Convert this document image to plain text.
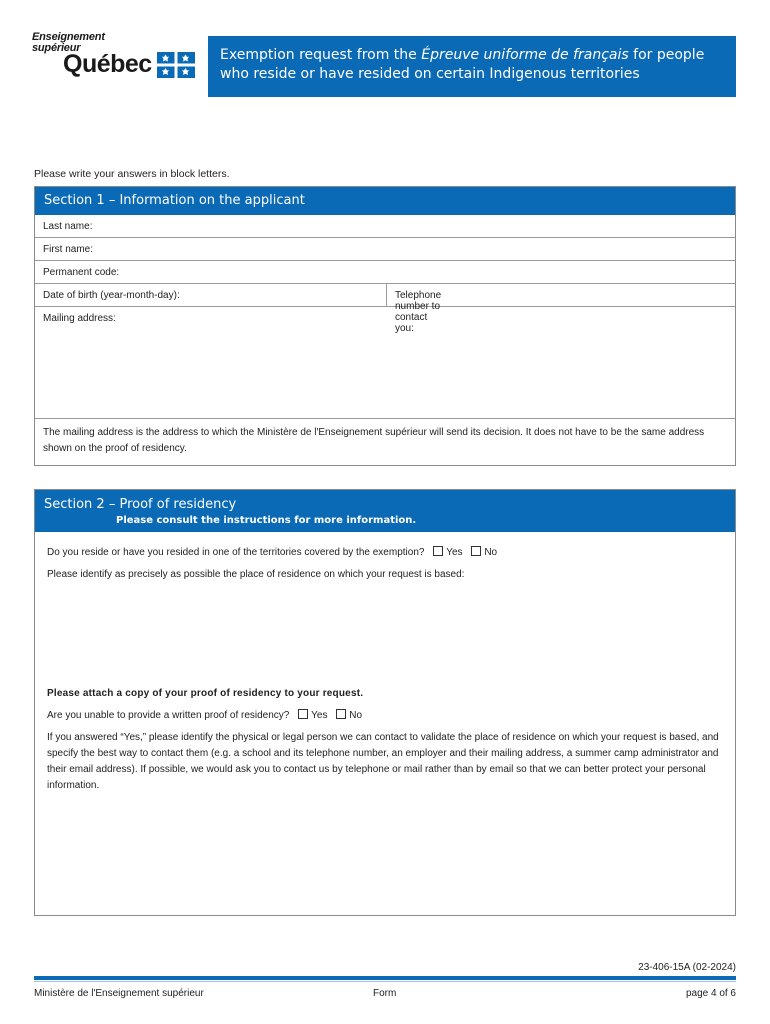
Enseignement
supérieur
Québec	Exemption request from the Épreuve uniforme de français for people who reside or have resided on certain Indigenous territories
Please write your answers in block letters.
Section 1 – Information on the applicant
Last name:
First name:
Permanent code:
Date of birth (year-month-day):	Telephone number to contact you:
Mailing address:
The mailing address is the address to which the Ministère de l'Enseignement supérieur will send its decision. It does not have to be the same address shown on the proof of residency.
Section 2 – Proof of residency
Please consult the instructions for more information.
Do you reside or have you resided in one of the territories covered by the exemption? Yes No
Please identify as precisely as possible the place of residence on which your request is based:
Please attach a copy of your proof of residency to your request.
Are you unable to provide a written proof of residency? Yes No
If you answered “Yes,” please identify the physical or legal person we can contact to validate the place of residence on which your request is based, and specify the best way to contact them (e.g. a school and its telephone number, an employer and their mailing address, a summer camp administrator and their email address). If possible, we would ask you to contact us by telephone or mail rather than by email so that we can better protect your personal information.
23-406-15A (02-2024)
Ministère de l'Enseignement supérieur	Form	page 4 of 6
